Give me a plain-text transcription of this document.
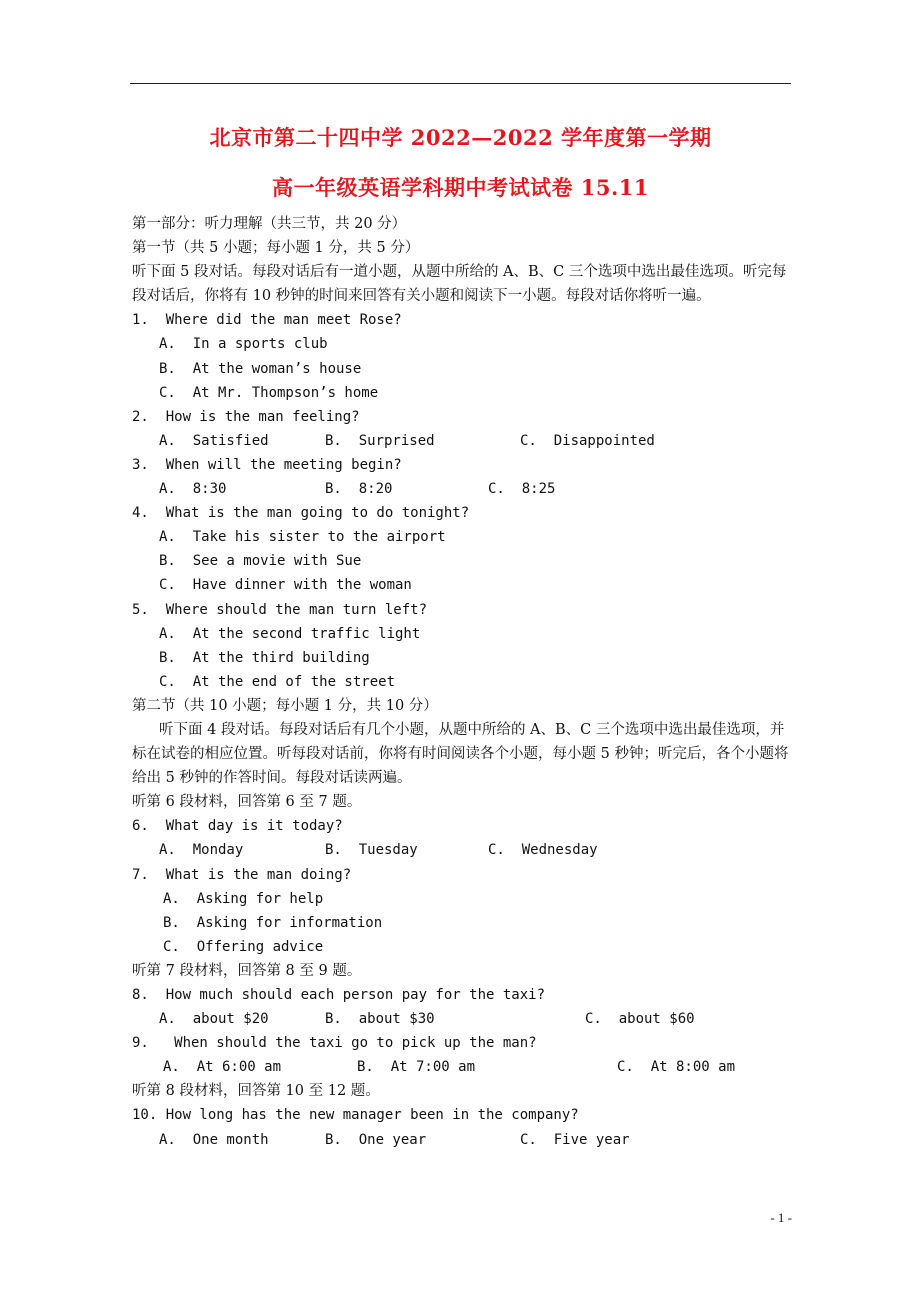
北京市第二十四中学 2022—2022 学年度第一学期
高一年级英语学科期中考试试卷 15.11
第一部分：听力理解（共三节，共 20 分）
第一节（共 5 小题；每小题 1 分，共 5 分）
听下面 5 段对话。每段对话后有一道小题，从题中所给的 A、B、C 三个选项中选出最佳选项。听完每段对话后，你将有 10 秒钟的时间来回答有关小题和阅读下一小题。每段对话你将听一遍。
1.  Where did the man meet Rose?
A.  In a sports club
B.  At the woman’s house
C.  At Mr. Thompson’s home
2.  How is the man feeling?
A.  Satisfied	B.  Surprised	C.  Disappointed
3.  When will the meeting begin?
A.  8:30	B.  8:20	C.  8:25
4.  What is the man going to do tonight?
A.  Take his sister to the airport
B.  See a movie with Sue
C.  Have dinner with the woman
5.  Where should the man turn left?
A.  At the second traffic light
B.  At the third building
C.  At the end of the street
第二节（共 10 小题；每小题 1 分，共 10 分）
听下面 4 段对话。每段对话后有几个小题，从题中所给的 A、B、C 三个选项中选出最佳选项，并标在试卷的相应位置。听每段对话前，你将有时间阅读各个小题，每小题 5 秒钟；听完后，各个小题将给出 5 秒钟的作答时间。每段对话读两遍。
听第 6 段材料，回答第 6 至 7 题。
6.  What day is it today?
A.  Monday	B.  Tuesday	C.  Wednesday
7.  What is the man doing?
A.  Asking for help
B.  Asking for information
C.  Offering advice
听第 7 段材料，回答第 8 至 9 题。
8.  How much should each person pay for the taxi?
A.  about $20	B.  about $30	C.  about $60
9.   When should the taxi go to pick up the man?
A.  At 6:00 am	B.  At 7:00 am	C.  At 8:00 am
听第 8 段材料，回答第 10 至 12 题。
10. How long has the new manager been in the company?
A.  One month	B.  One year	C.  Five year
- 1 -
